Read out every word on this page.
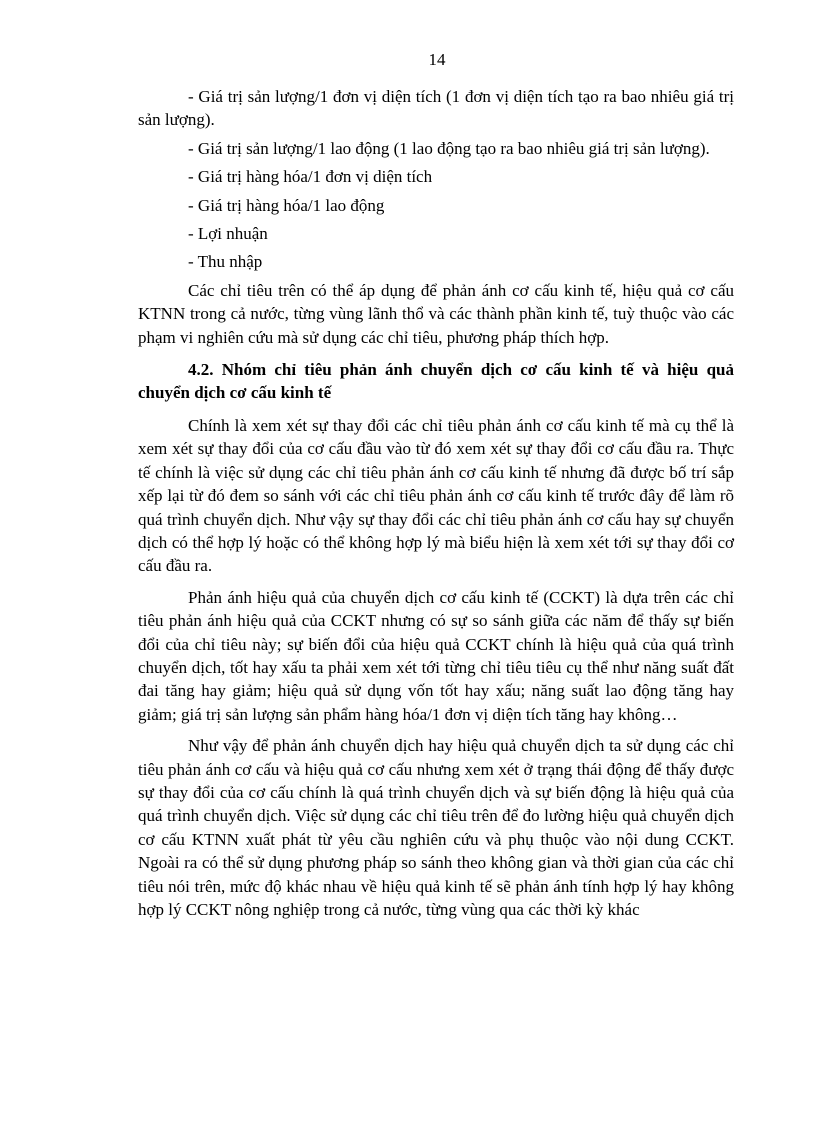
14

- Giá trị sản lượng/1 đơn vị diện tích (1 đơn vị diện tích tạo ra bao nhiêu giá trị sản lượng).

- Giá trị sản lượng/1 lao động (1 lao động tạo ra bao nhiêu giá trị sản lượng).

- Giá trị hàng hóa/1 đơn vị diện tích

- Giá trị hàng hóa/1 lao động

- Lợi nhuận

- Thu nhập

Các chỉ tiêu trên có thể áp dụng để phản ánh cơ cấu kinh tế, hiệu quả cơ cấu KTNN trong cả nước, từng vùng lãnh thổ và các thành phần kinh tế, tuỳ thuộc vào các phạm vi nghiên cứu mà sử dụng các chỉ tiêu, phương pháp thích hợp.

4.2. Nhóm chỉ tiêu phản ánh chuyển dịch cơ cấu kinh tế và hiệu quả chuyển dịch cơ cấu kinh tế

Chính là xem xét sự thay đổi các chỉ tiêu phản ánh cơ cấu kinh tế mà cụ thể là xem xét sự thay đổi của cơ cấu đầu vào từ đó xem xét sự thay đổi cơ cấu đầu ra. Thực tế chính là việc sử dụng các chỉ tiêu phản ánh cơ cấu kinh tế nhưng đã được bố trí sắp xếp lại từ đó đem so sánh với các chỉ tiêu phản ánh cơ cấu kinh tế trước đây để làm rõ quá trình chuyển dịch. Như vậy sự thay đổi các chỉ tiêu phản ánh cơ cấu hay sự chuyển dịch có thể hợp lý hoặc có thể không hợp lý mà biểu hiện là xem xét tới sự thay đổi cơ cấu đầu ra.

Phản ánh hiệu quả của chuyển dịch cơ cấu kinh tế (CCKT) là dựa trên các chỉ tiêu phản ánh hiệu quả của CCKT nhưng có sự so sánh giữa các năm để thấy sự biến đổi của chỉ tiêu này; sự biến đổi của hiệu quả CCKT chính là hiệu quả của quá trình chuyển dịch, tốt hay xấu ta phải xem xét tới từng chỉ tiêu tiêu cụ thể như năng suất đất đai tăng hay giảm; hiệu quả sử dụng vốn tốt hay xấu; năng suất lao động tăng hay giảm; giá trị sản lượng sản phẩm hàng hóa/1 đơn vị diện tích tăng hay không…

Như vậy để phản ánh chuyển dịch hay hiệu quả chuyển dịch ta sử dụng các chỉ tiêu phản ánh cơ cấu và hiệu quả cơ cấu nhưng xem xét ở trạng thái động để thấy được sự thay đổi của cơ cấu chính là quá trình chuyển dịch và sự biến động là hiệu quả của quá trình chuyển dịch. Việc sử dụng các chỉ tiêu trên để đo lường hiệu quả chuyển dịch cơ cấu KTNN xuất phát từ yêu cầu nghiên cứu và phụ thuộc vào nội dung CCKT. Ngoài ra có thể sử dụng phương pháp so sánh theo không gian và thời gian của các chỉ tiêu nói trên, mức độ khác nhau về hiệu quả kinh tế sẽ phản ánh tính hợp lý hay không hợp lý CCKT nông nghiệp trong cả nước, từng vùng qua các thời kỳ khác
